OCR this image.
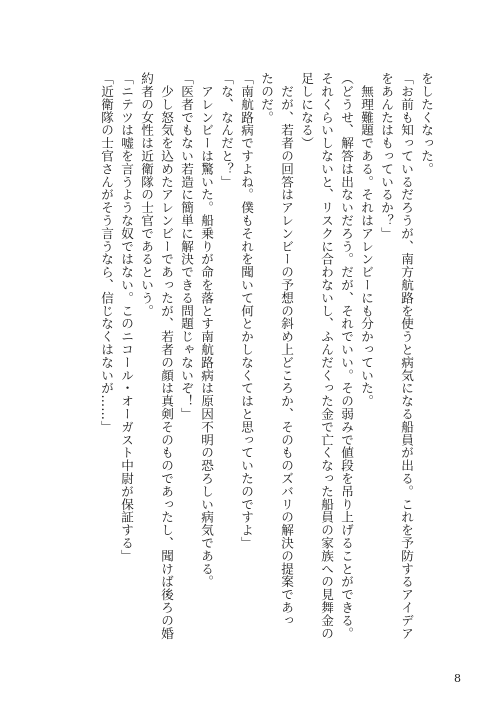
をしたくなった。
「お前も知っているだろうが、南方航路を使うと病気になる船員が出る。これを予防するアイデア
をあんたはもっているか？」
　無理難題である。それはアレンビーにも分かっていた。
（どうせ、解答は出ないだろう。だが、それでいい。その弱みで値段を吊り上げることができる。
それくらいしないと、リスクに合わないし、ふんだくった金で亡くなった船員の家族への見舞金の
足しになる）
　だが、若者の回答はアレンビーの予想の斜め上どころか、そのものズバリの解決の提案であっ
たのだ。
「南航路病ですよね。僕もそれを聞いて何とかしなくてはと思っていたのですよ」
「な、なんだと？」
　アレンビーは驚いた。船乗りが命を落とす南航路病は原因不明の恐ろしい病気である。
「医者でもない若造に簡単に解決できる問題じゃないぞ！」
　少し怒気を込めたアレンビーであったが、若者の顔は真剣そのものであったし、聞けば後ろの婚
約者の女性は近衛隊の士官であるという。
「ニテツは嘘を言うような奴ではない。このニコール・オーガスト中尉が保証する」
「近衛隊の士官さんがそう言うなら、信じなくはないが……」
8
